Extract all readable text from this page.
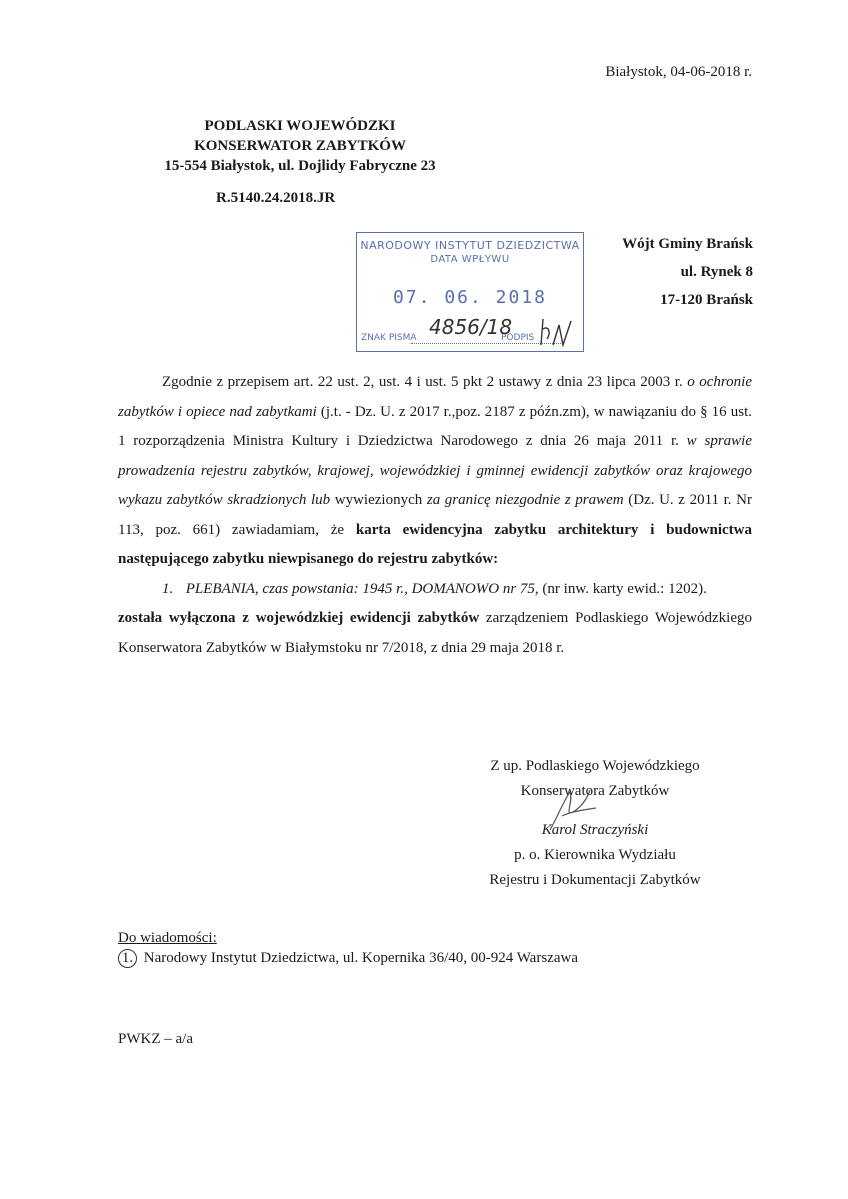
Białystok, 04-06-2018 r.
PODLASKI WOJEWÓDZKI
KONSERWATOR ZABYTKÓW
15-554 Białystok, ul. Dojlidy Fabryczne 23
R.5140.24.2018.JR
NARODOWY INSTYTUT DZIEDZICTWA
DATA WPŁYWU
07. 06. 2018
ZNAK PISMA	PODPIS
4856/18
Wójt Gminy Brańsk
ul. Rynek 8
17-120 Brańsk

Zgodnie z przepisem art. 22 ust. 2, ust. 4 i ust. 5 pkt 2 ustawy z dnia 23 lipca 2003 r. o ochronie zabytków i opiece nad zabytkami (j.t. - Dz. U. z 2017 r.,poz. 2187 z późn.zm), w nawiązaniu do § 16 ust. 1 rozporządzenia Ministra Kultury i Dziedzictwa Narodowego z dnia 26 maja 2011 r. w sprawie prowadzenia rejestru zabytków, krajowej, wojewódzkiej i gminnej ewidencji zabytków oraz krajowego wykazu zabytków skradzionych lub wywiezionych za granicę niezgodnie z prawem (Dz. U. z 2011 r. Nr 113, poz. 661) zawiadamiam, że karta ewidencyjna zabytku architektury i budownictwa następującego zabytku niewpisanego do rejestru zabytków:

1. PLEBANIA, czas powstania: 1945 r., DOMANOWO nr 75, (nr inw. karty ewid.: 1202).

została wyłączona z wojewódzkiej ewidencji zabytków zarządzeniem Podlaskiego Wojewódzkiego Konserwatora Zabytków w Białymstoku nr 7/2018, z dnia 29 maja 2018 r.

Z up. Podlaskiego Wojewódzkiego
Konserwatora Zabytków
Karol Straczyński
p. o. Kierownika Wydziału
Rejestru i Dokumentacji Zabytków
Do wiadomości:
1. Narodowy Instytut Dziedzictwa, ul. Kopernika 36/40, 00-924 Warszawa
PWKZ – a/a
